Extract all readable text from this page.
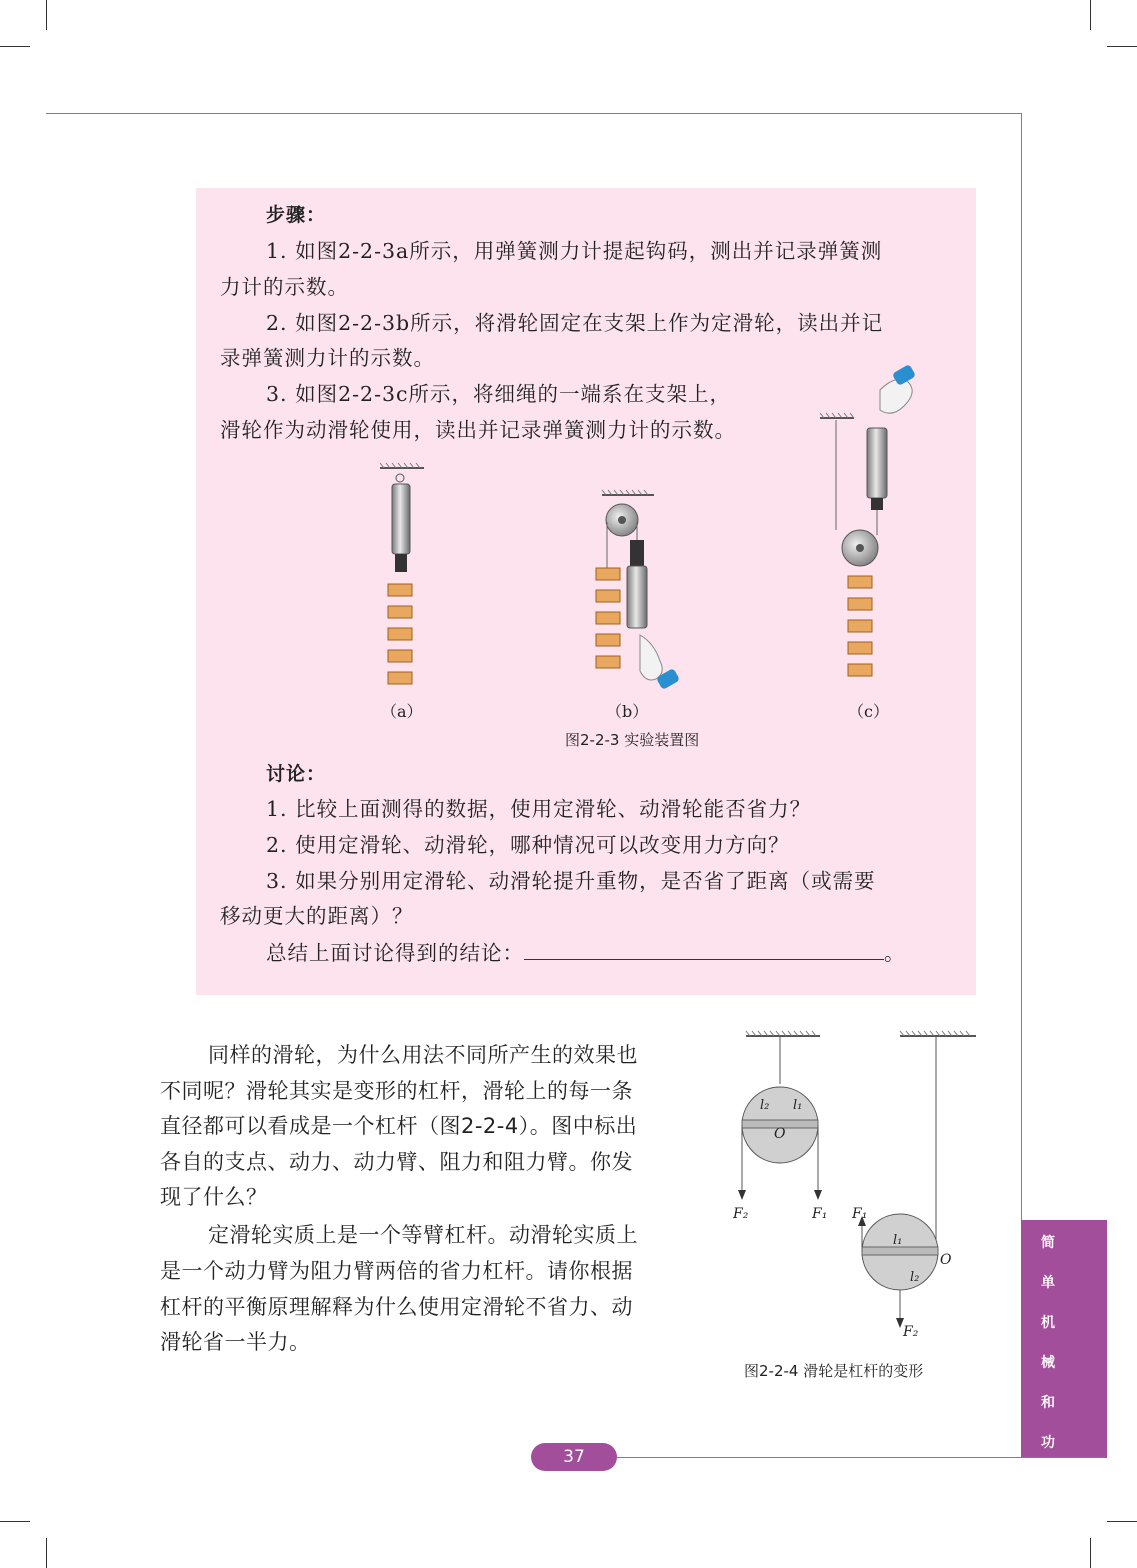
步骤：
1. 如图2-2-3a所示，用弹簧测力计提起钩码，测出并记录弹簧测
力计的示数。
2. 如图2-2-3b所示，将滑轮固定在支架上作为定滑轮，读出并记
录弹簧测力计的示数。
3. 如图2-2-3c所示，将细绳的一端系在支架上，
滑轮作为动滑轮使用，读出并记录弹簧测力计的示数。
（a）	（b）	（c）
图2-2-3 实验装置图
讨论：
1. 比较上面测得的数据，使用定滑轮、动滑轮能否省力？
2. 使用定滑轮、动滑轮，哪种情况可以改变用力方向？
3. 如果分别用定滑轮、动滑轮提升重物，是否省了距离（或需要
移动更大的距离）？
总结上面讨论得到的结论：	。
同样的滑轮，为什么用法不同所产生的效果也
不同呢？滑轮其实是变形的杠杆，滑轮上的每一条
直径都可以看成是一个杠杆（图2-2-4）。图中标出
各自的支点、动力、动力臂、阻力和阻力臂。你发
现了什么？
定滑轮实质上是一个等臂杠杆。动滑轮实质上
是一个动力臂为阻力臂两倍的省力杠杆。请你根据
杠杆的平衡原理解释为什么使用定滑轮不省力、动
滑轮省一半力。
l₂ l₁
O
F₂	F₁ F₁
l₁
O
l₂
F₂
图2-2-4 滑轮是杠杆的变形
简
单
机
械
和
功
37
